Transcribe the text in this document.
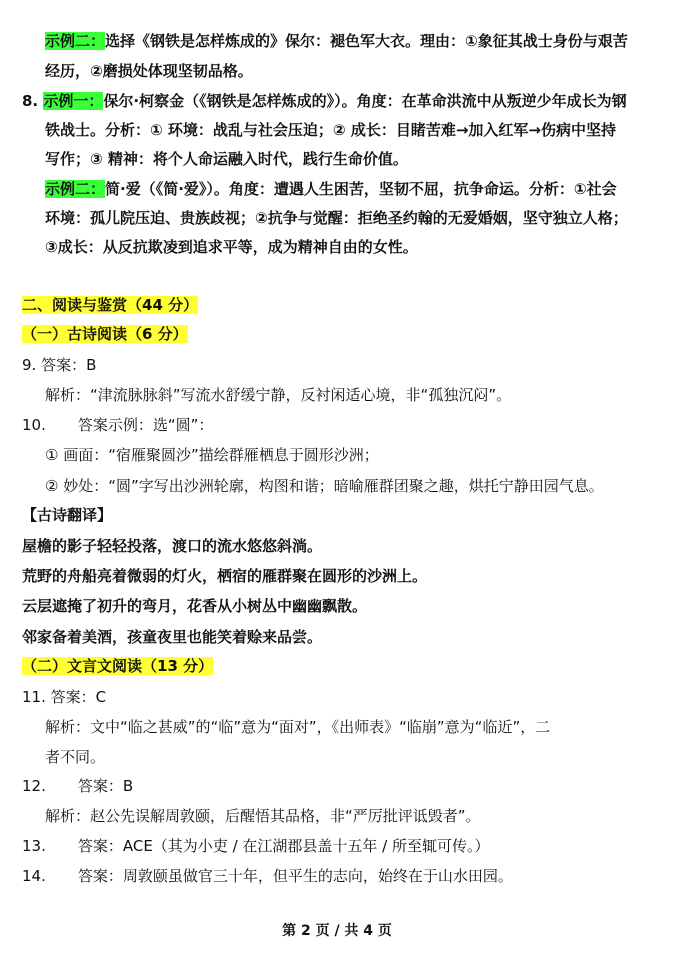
示例二：选择《钢铁是怎样炼成的》保尔：褪色军大衣。理由：①象征其战士身份与艰苦
经历，②磨损处体现坚韧品格。
8. 示例一：保尔·柯察金（《钢铁是怎样炼成的》）。角度：在革命洪流中从叛逆少年成长为钢
铁战士。分析：① 环境：战乱与社会压迫；② 成长：目睹苦难→加入红军→伤病中坚持
写作；③ 精神：将个人命运融入时代，践行生命价值。
示例二：简·爱（《简·爱》）。角度：遭遇人生困苦，坚韧不屈，抗争命运。分析：①社会
环境：孤儿院压迫、贵族歧视；②抗争与觉醒：拒绝圣约翰的无爱婚姻，坚守独立人格；
③成长：从反抗欺凌到追求平等，成为精神自由的女性。
二、阅读与鉴赏（44 分）
（一）古诗阅读（6 分）
9. 答案：B
解析：“津流脉脉斜”写流水舒缓宁静，反衬闲适心境，非“孤独沉闷”。
10. 答案示例：选“圆”：
① 画面：“宿雁聚圆沙”描绘群雁栖息于圆形沙洲；
② 妙处：“圆”字写出沙洲轮廓，构图和谐；暗喻雁群团聚之趣，烘托宁静田园气息。
【古诗翻译】
屋檐的影子轻轻投落，渡口的流水悠悠斜淌。
荒野的舟船亮着微弱的灯火，栖宿的雁群聚在圆形的沙洲上。
云层遮掩了初升的弯月，花香从小树丛中幽幽飘散。
邻家备着美酒，孩童夜里也能笑着赊来品尝。
（二）文言文阅读（13 分）
11. 答案：C
解析：文中“临之甚威”的“临”意为“面对”，《出师表》“临崩”意为“临近”，二
者不同。
12. 答案：B
解析：赵公先误解周敦颐，后醒悟其品格，非“严厉批评诋毁者”。
13. 答案：ACE（其为小吏 / 在江湖郡县盖十五年 / 所至辄可传。）
14. 答案：周敦颐虽做官三十年，但平生的志向，始终在于山水田园。
第 2 页 / 共 4 页
